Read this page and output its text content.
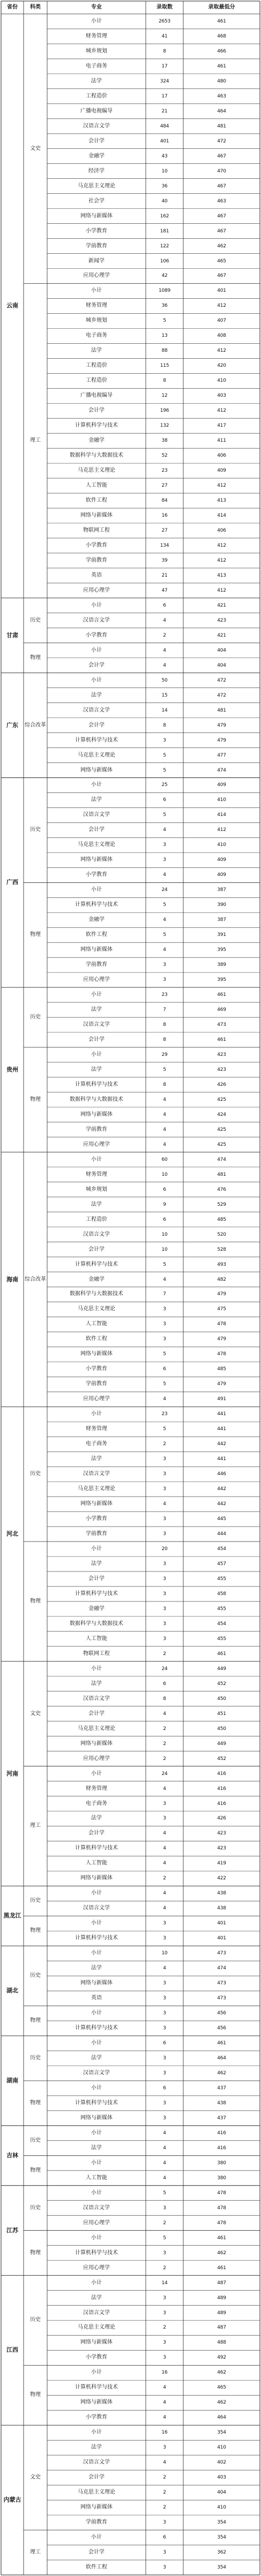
省份	科类	专业	录取数	录取最低分
云南
文史
小计	2653	461
财务管理	41	468
城乡规划	8	466
电子商务	17	461
法学	324	480
工程造价	17	463
广播电视编导	21	464
汉语言文学	484	481
会计学	401	472
金融学	43	467
经济学	10	470
马克思主义理论	36	467
社会学	40	463
网络与新媒体	162	467
小学教育	181	467
学前教育	122	462
新闻学	106	465
应用心理学	42	467
理工
小计	1089	401
财务管理	36	412
城乡规划	5	407
电子商务	13	408
法学	88	412
工程造价	115	420
工程造价	8	410
广播电视编导	12	403
会计学	196	412
计算机科学与技术	132	417
金融学	38	411
数据科学与大数据技术	52	406
马克思主义理论	23	409
人工智能	27	412
软件工程	84	413
网络与新媒体	16	414
物联网工程	27	406
小学教育	134	412
学前教育	39	412
英语	21	413
应用心理学	47	412
甘肃
历史
小计	6	421
汉语言文学	4	423
小学教育	2	421
物理
小计	4	404
会计学	4	404
广东	综合改革
小计	50	472
法学	15	472
汉语言文学	14	481
会计学	8	479
计算机科学与技术	3	479
马克思主义理论	5	477
网络与新媒体	5	474
广西
历史
小计	25	409
法学	6	410
汉语言文学	5	414
会计学	4	412
马克思主义理论	3	410
网络与新媒体	3	409
小学教育	4	409
物理
小计	24	387
计算机科学与技术	5	390
金融学	4	387
软件工程	5	391
网络与新媒体	4	395
学前教育	3	389
应用心理学	3	395
贵州
历史
小计	23	461
法学	7	469
汉语言文学	8	473
会计学	8	461
物理
小计	29	423
法学	5	423
计算机科学与技术	8	426
数据科学与大数据技术	4	425
网络与新媒体	4	424
学前教育	4	425
应用心理学	4	425
海南	综合改革
小计	60	474
财务管理	10	481
城乡规划	6	476
法学	9	529
工程造价	6	485
汉语言文学	10	520
会计学	10	528
计算机科学与技术	5	493
金融学	4	482
数据科学与大数据技术	7	479
马克思主义理论	3	475
人工智能	3	478
软件工程	3	479
网络与新媒体	5	478
小学教育	6	485
学前教育	5	479
应用心理学	4	491
河北
历史
小计	23	441
财务管理	5	441
电子商务	2	442
法学	3	441
汉语言文学	3	446
马克思主义理论	3	442
网络与新媒体	4	442
小学教育	3	445
学前教育	3	444
物理
小计	20	454
法学	3	457
会计学	3	455
计算机科学与技术	3	458
金融学	3	455
数据科学与大数据技术	3	454
人工智能	3	455
物联网工程	2	461
河南
文史
小计	24	449
法学	6	452
汉语言文学	8	450
会计学	4	451
马克思主义理论	2	450
网络与新媒体	2	449
应用心理学	2	452
理工
小计	24	416
财务管理	4	416
电子商务	3	416
法学	3	426
会计学	4	423
计算机科学与技术	4	423
人工智能	4	419
网络与新媒体	2	422
黑龙江
历史
小计	4	438
汉语言文学	4	438
物理
小计	3	401
计算机科学与技术	3	401
湖北
历史
小计	10	473
法学	4	474
网络与新媒体	3	473
英语	3	473
物理
小计	3	456
计算机科学与技术	3	456
湖南
历史
小计	6	461
法学	3	464
汉语言文学	3	462
物理
小计	6	437
计算机科学与技术	3	438
网络与新媒体	3	437
吉林
历史
小计	4	416
法学	4	416
物理
小计	4	380
人工智能	4	380
江苏
历史
小计	5	478
汉语言文学	3	478
应用心理学	2	478
物理
小计	5	461
计算机科学与技术	3	462
应用心理学	2	461
江西
历史
小计	14	487
法学	3	489
汉语言文学	3	489
马克思主义理论	2	487
网络与新媒体	3	488
小学教育	3	492
物理
小计	16	462
计算机科学与技术	4	465
网络与新媒体	4	462
小学教育	4	464
内蒙古
文史
小计	16	354
法学	3	410
汉语言文学	4	402
会计学	2	403
马克思主义理论	2	404
网络与新媒体	2	410
学前教育	3	354
理工
小计	6	354
会计学	3	362
软件工程	3	354
